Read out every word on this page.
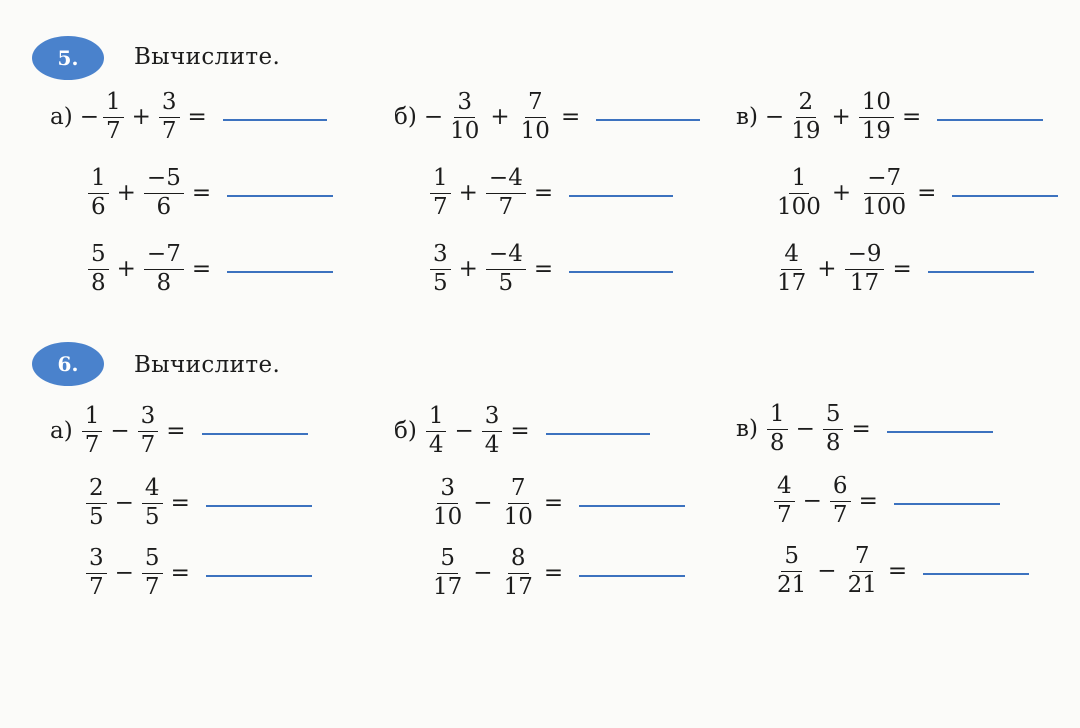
5. Вычислите.
$а) - \frac{1}{7} + \frac{3}{7}$ =
$\frac{1}{6} + \frac{-5}{6}$ =
$\frac{5}{8} + \frac{-7}{8}$ =
$б) - \frac{3}{10} + \frac{7}{10}$ =
$\frac{1}{7} + \frac{-4}{7}$ =
$\frac{3}{5} + \frac{-4}{5}$ =
$в) - \frac{2}{19} + \frac{10}{19}$ =
$\frac{1}{100} + \frac{-7}{100}$ =
$\frac{4}{17} + \frac{-9}{17}$ =
6. Вычислите.
$а) \frac{1}{7} - \frac{3}{7}$ =
$\frac{2}{5} - \frac{4}{5}$ =
$\frac{3}{7} - \frac{5}{7}$ =
$б) \frac{1}{4} - \frac{3}{4}$ =
$\frac{3}{10} - \frac{7}{10}$ =
$\frac{5}{17} - \frac{8}{17}$ =
$в) \frac{1}{8} - \frac{5}{8}$ =
$\frac{4}{7} - \frac{6}{7}$ =
$\frac{5}{21} - \frac{7}{21}$ =
